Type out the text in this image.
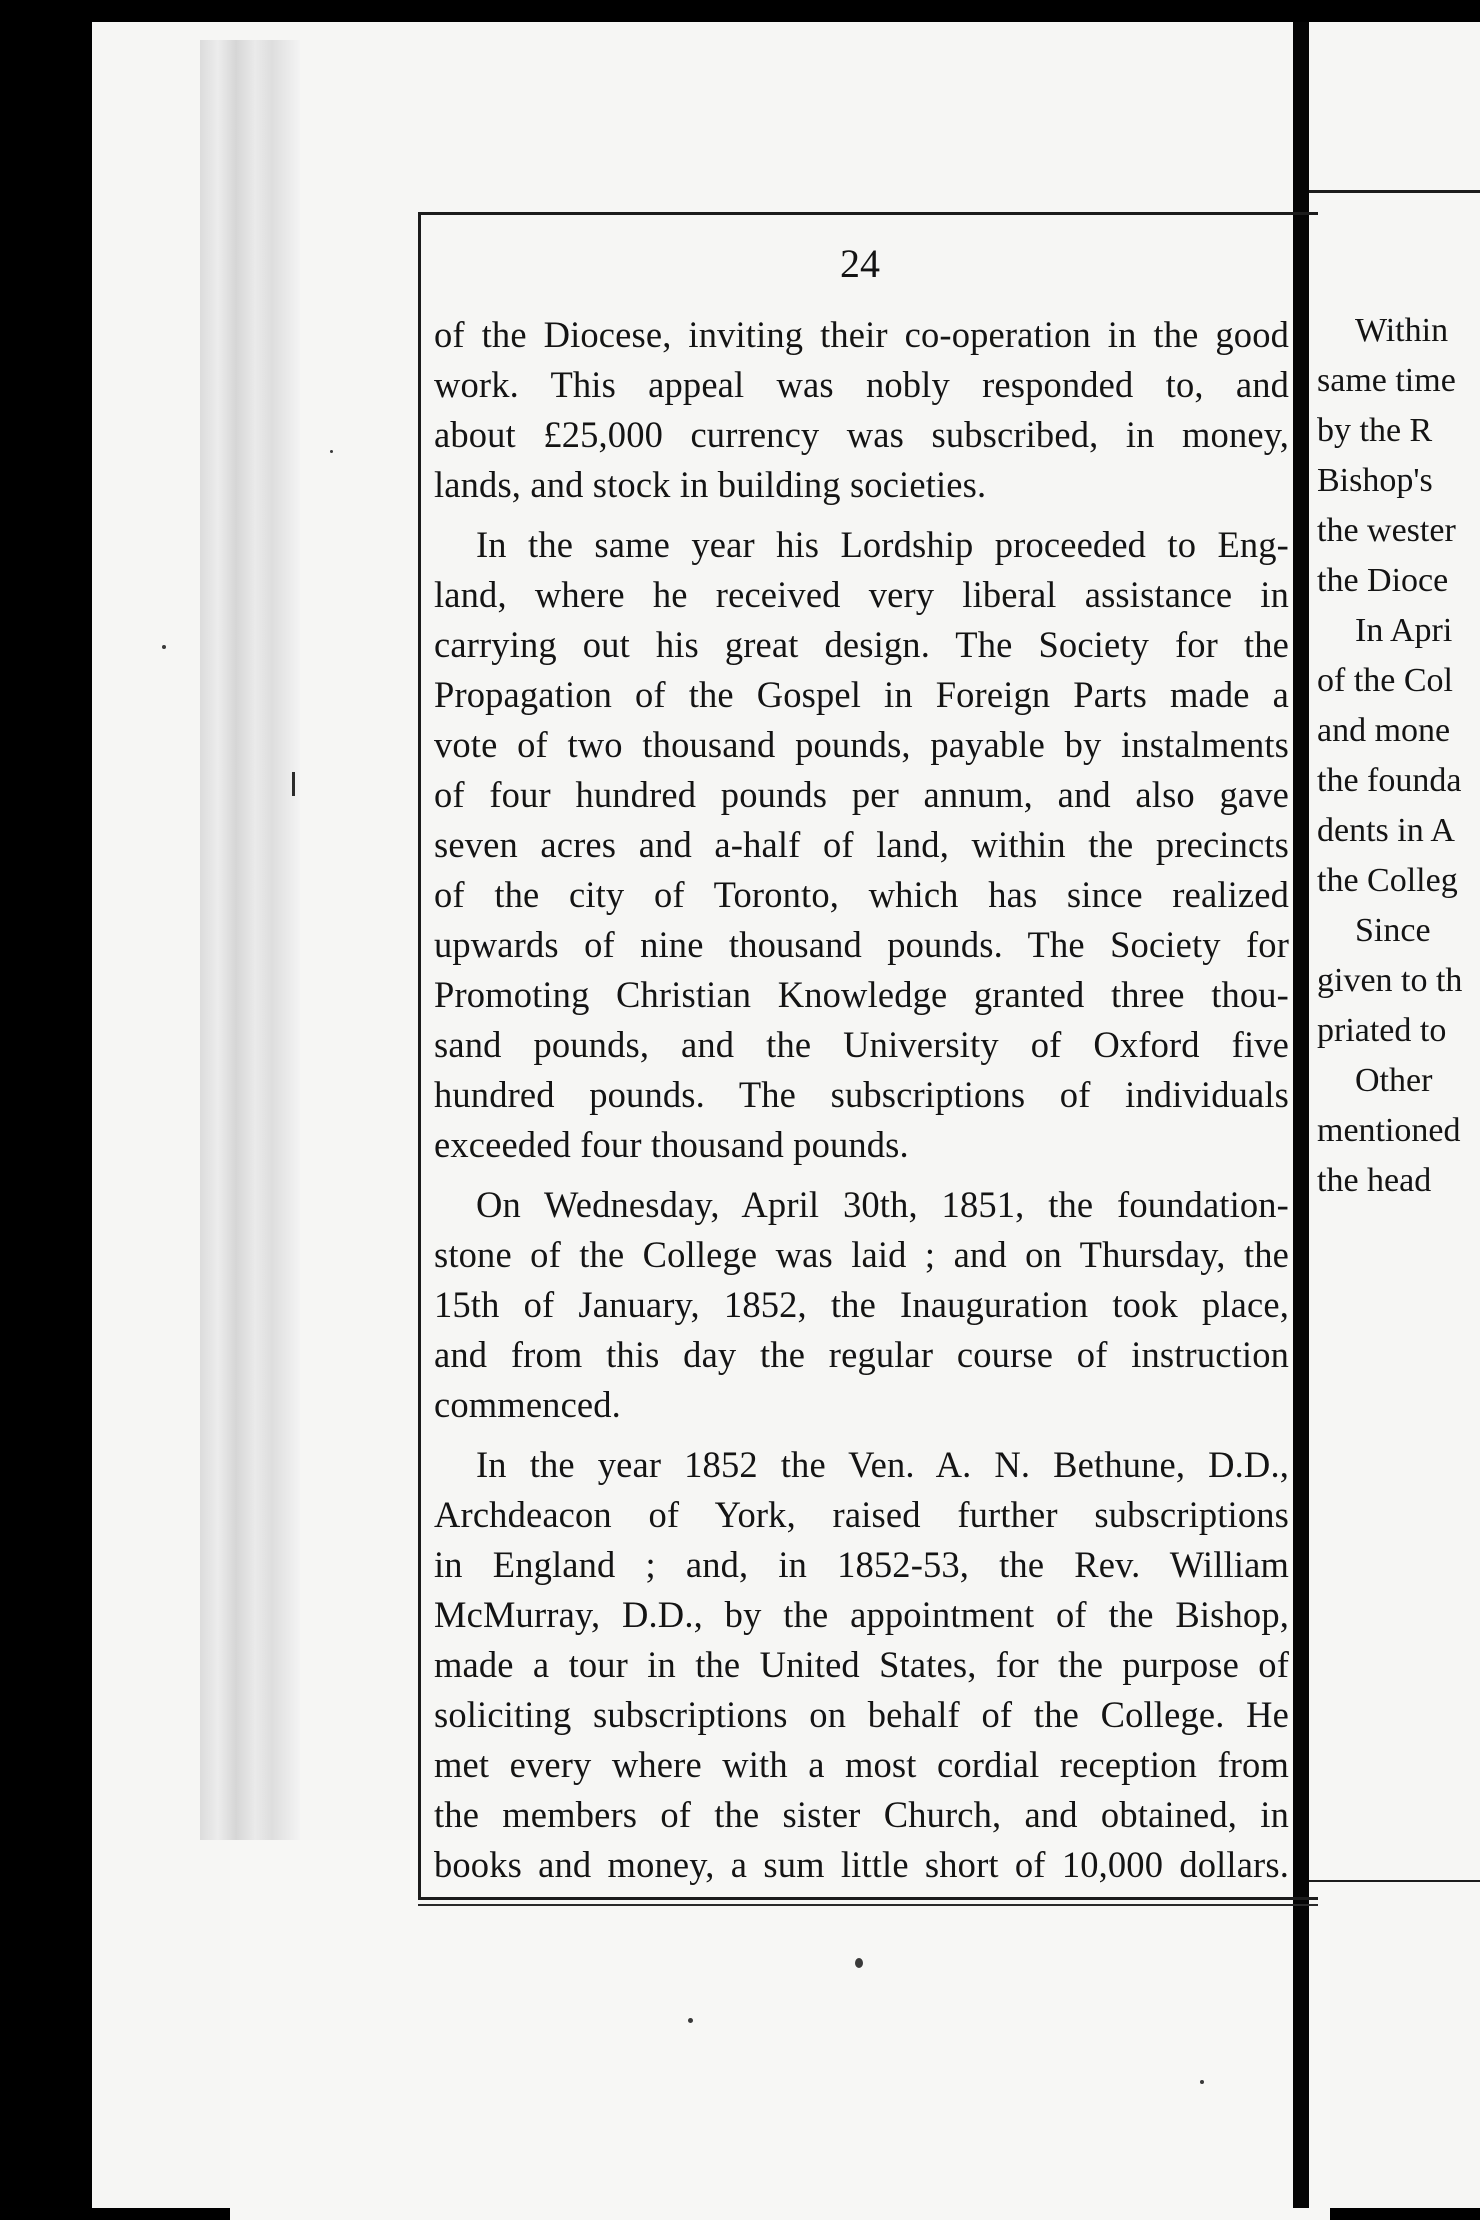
24
of the Diocese, inviting their co-operation in the good
work. This appeal was nobly responded to, and
about £25,000 currency was subscribed, in money,
lands, and stock in building societies.
In the same year his Lordship proceeded to Eng-
land, where he received very liberal assistance in
carrying out his great design. The Society for the
Propagation of the Gospel in Foreign Parts made a
vote of two thousand pounds, payable by instalments
of four hundred pounds per annum, and also gave
seven acres and a-half of land, within the precincts
of the city of Toronto, which has since realized
upwards of nine thousand pounds. The Society for
Promoting Christian Knowledge granted three thou-
sand pounds, and the University of Oxford five
hundred pounds. The subscriptions of individuals
exceeded four thousand pounds.
On Wednesday, April 30th, 1851, the foundation-
stone of the College was laid ; and on Thursday, the
15th of January, 1852, the Inauguration took place,
and from this day the regular course of instruction
commenced.
In the year 1852 the Ven. A. N. Bethune, D.D.,
Archdeacon of York, raised further subscriptions
in England ; and, in 1852-53, the Rev. William
McMurray, D.D., by the appointment of the Bishop,
made a tour in the United States, for the purpose of
soliciting subscriptions on behalf of the College. He
met every where with a most cordial reception from
the members of the sister Church, and obtained, in
books and money, a sum little short of 10,000 dollars.
Within
same time
by the R
Bishop's
the wester
the Dioce
In Apri
of the Col
and mone
the founda
dents in A
the Colleg
Since
given to th
priated to
Other
mentioned
the head
